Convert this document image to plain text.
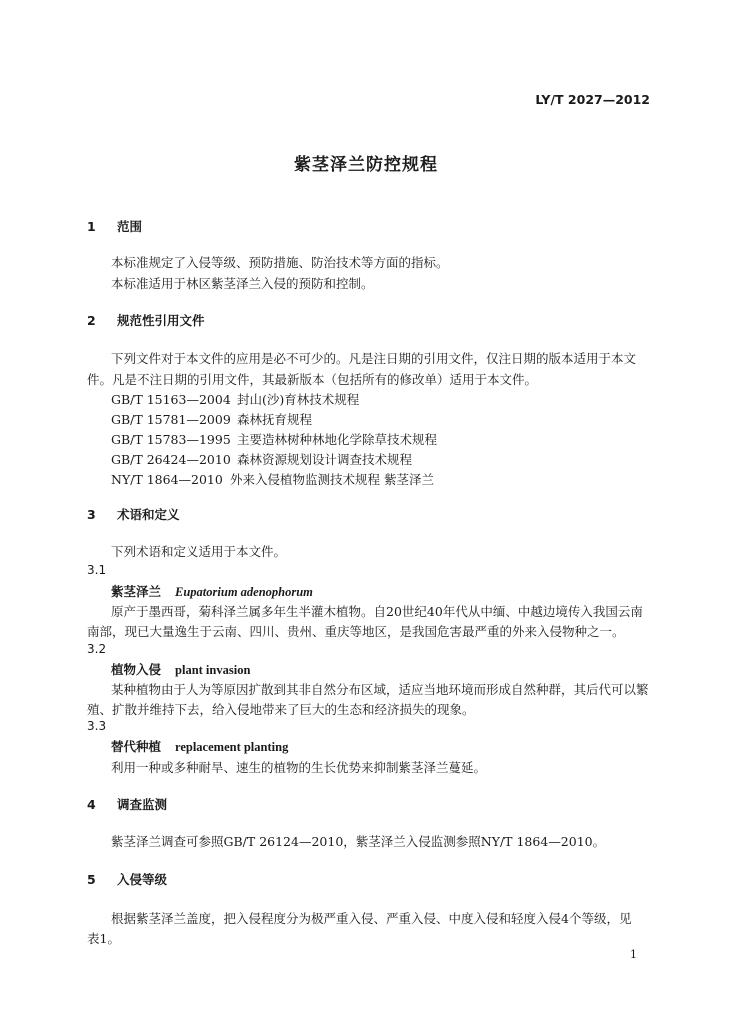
LY/T 2027—2012
紫茎泽兰防控规程
1 范围
本标准规定了入侵等级、预防措施、防治技术等方面的指标。
本标准适用于林区紫茎泽兰入侵的预防和控制。
2 规范性引用文件
下列文件对于本文件的应用是必不可少的。凡是注日期的引用文件，仅注日期的版本适用于本文
件。凡是不注日期的引用文件，其最新版本（包括所有的修改单）适用于本文件。
GB/T 15163—2004 封山(沙)育林技术规程
GB/T 15781—2009 森林抚育规程
GB/T 15783—1995 主要造林树种林地化学除草技术规程
GB/T 26424—2010 森林资源规划设计调查技术规程
NY/T 1864—2010 外来入侵植物监测技术规程 紫茎泽兰
3 术语和定义
下列术语和定义适用于本文件。
3.1
紫茎泽兰 Eupatorium adenophorum
原产于墨西哥，菊科泽兰属多年生半灌木植物。自20世纪40年代从中缅、中越边境传入我国云南
南部，现已大量逸生于云南、四川、贵州、重庆等地区，是我国危害最严重的外来入侵物种之一。
3.2
植物入侵 plant invasion
某种植物由于人为等原因扩散到其非自然分布区域，适应当地环境而形成自然种群，其后代可以繁
殖、扩散并维持下去，给入侵地带来了巨大的生态和经济损失的现象。
3.3
替代种植 replacement planting
利用一种或多种耐旱、速生的植物的生长优势来抑制紫茎泽兰蔓延。
4 调查监测
紫茎泽兰调查可参照GB/T 26124—2010，紫茎泽兰入侵监测参照NY/T 1864—2010。
5 入侵等级
根据紫茎泽兰盖度，把入侵程度分为极严重入侵、严重入侵、中度入侵和轻度入侵4个等级，见
表1。
1
